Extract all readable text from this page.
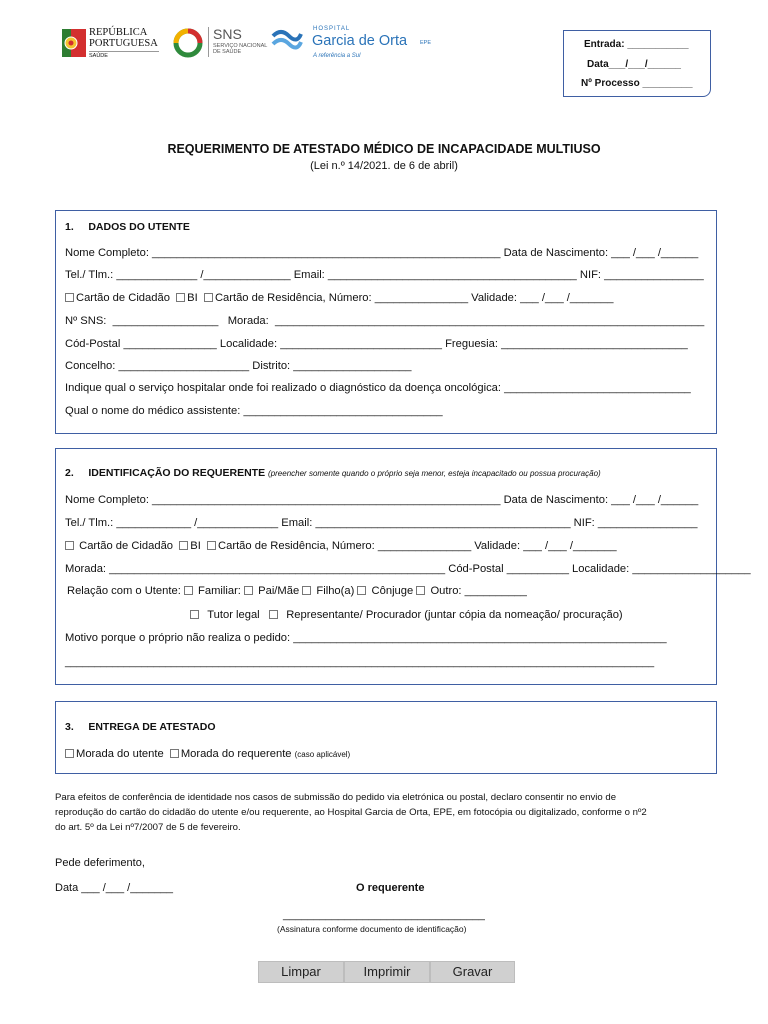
REPÚBLICA
PORTUGUESA
SAÚDE
SNS
SERVIÇO NACIONAL
DE SAÚDE
HOSPITAL
Garcia de Orta EPE
A referência a Sul
Entrada: ___________
Data___/___/______
Nº Processo _________
REQUERIMENTO DE ATESTADO MÉDICO DE INCAPACIDADE MULTIUSO
(Lei n.º 14/2021. de 6 de abril)
1.     DADOS DO UTENTE
Nome Completo: ________________________________________________________ Data de Nascimento: ___ /___ /______
Tel./ Tlm.: _____________ /______________ Email: ________________________________________ NIF: ________________
Cartão de Cidadão BI Cartão de Residência, Número: _______________ Validade: ___ /___ /_______
Nº SNS:  _________________   Morada:  _____________________________________________________________________
Cód-Postal _______________ Localidade: __________________________ Freguesia: ______________________________
Concelho: _____________________ Distrito: ___________________
Indique qual o serviço hospitalar onde foi realizado o diagnóstico da doença oncológica: ______________________________
Qual o nome do médico assistente: ________________________________
2.     IDENTIFICAÇÃO DO REQUERENTE (preencher somente quando o próprio seja menor, esteja incapacitado ou possua procuração)
Nome Completo: ________________________________________________________ Data de Nascimento: ___ /___ /______
Tel./ Tlm.: ____________ /_____________ Email: _________________________________________ NIF: ________________
Cartão de Cidadão BI Cartão de Residência, Número: _______________ Validade: ___ /___ /_______
Morada: ______________________________________________________ Cód-Postal __________ Localidade: ___________________
Relação com o Utente: Familiar: Pai/Mãe Filho(a) Cônjuge Outro: __________
Tutor legal Representante/ Procurador (juntar cópia da nomeação/ procuração)
Motivo porque o próprio não realiza o pedido: ____________________________________________________________
____________________________________________________________________________________________________
3.     ENTREGA DE ATESTADO
Morada do utente Morada do requerente (caso aplicável)
Para efeitos de conferência de identidade nos casos de submissão do pedido via eletrónica ou postal, declaro consentir no envio de
reprodução do cartão do cidadão do utente e/ou requerente, ao Hospital Garcia de Orta, EPE, em fotocópia ou digitalizado, conforme o nº2
do art. 5º da Lei nº7/2007 de 5 de fevereiro.
Pede deferimento,
Data ___ /___ /_______	O requerente
_________________________________
(Assinatura conforme documento de identificação)
Limpar	Imprimir	Gravar
